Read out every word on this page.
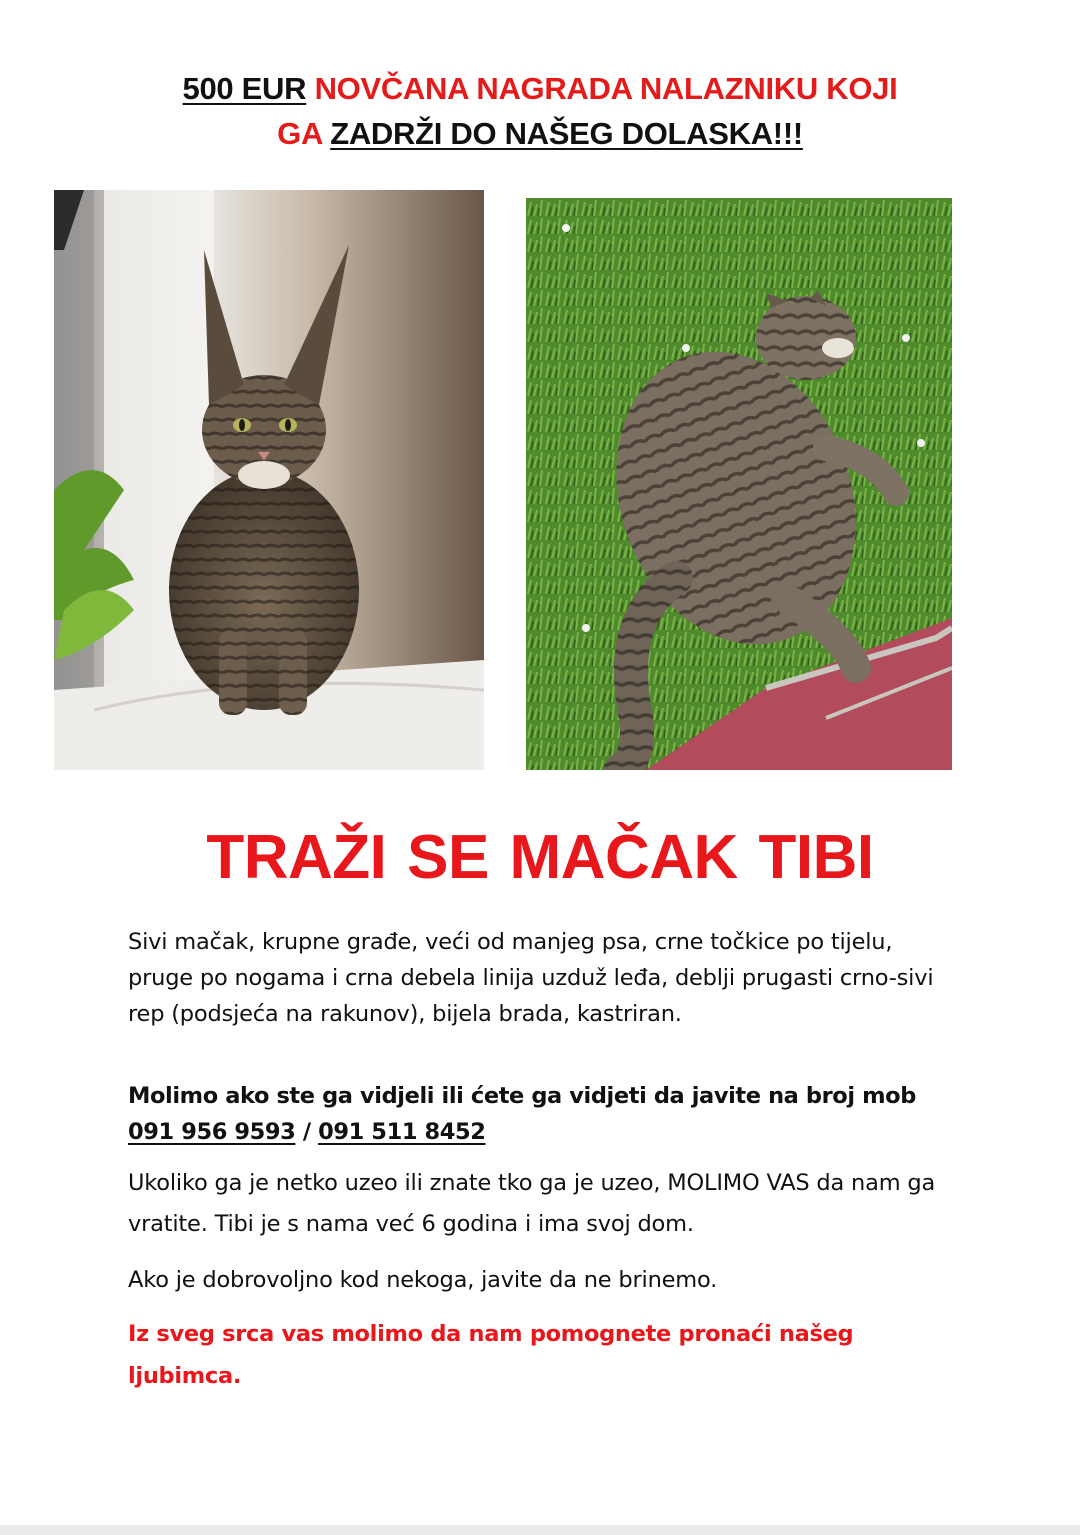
500 EUR NOVČANA NAGRADA NALAZNIKU KOJI
GA ZADRŽI DO NAŠEG DOLASKA!!!
TRAŽI SE MAČAK TIBI
Sivi mačak, krupne građe, veći od manjeg psa, crne točkice po tijelu, pruge po nogama i crna debela linija uzduž leđa, deblji prugasti crno-sivi rep (podsjeća na rakunov), bijela brada, kastriran.
Molimo ako ste ga vidjeli ili ćete ga vidjeti da javite na broj mob
091 956 9593 / 091 511 8452
Ukoliko ga je netko uzeo ili znate tko ga je uzeo, MOLIMO VAS da nam ga vratite. Tibi je s nama već 6 godina i ima svoj dom.
Ako je dobrovoljno kod nekoga, javite da ne brinemo.
Iz sveg srca vas molimo da nam pomognete pronaći našeg ljubimca.
